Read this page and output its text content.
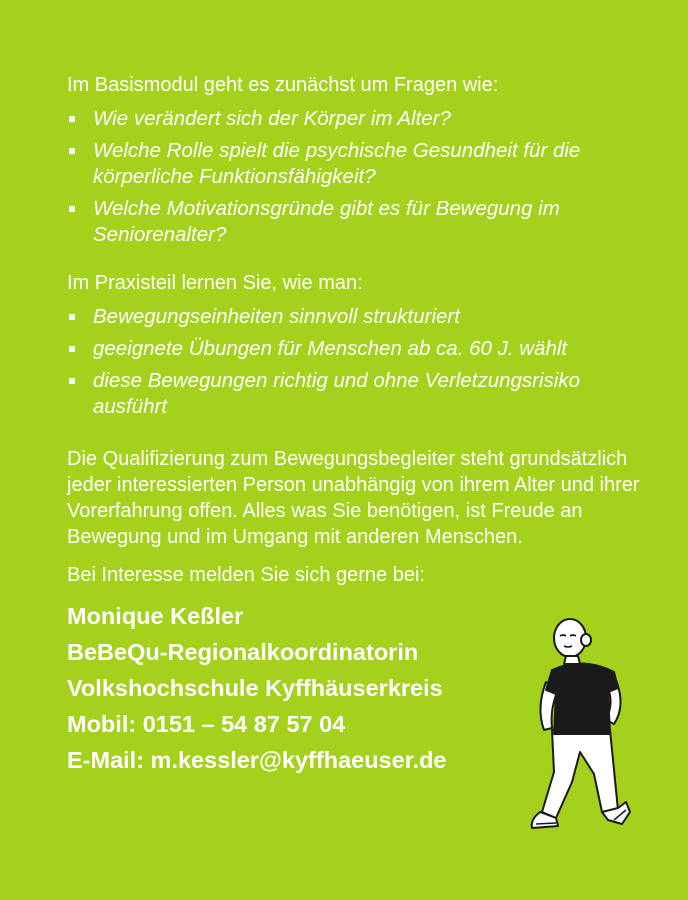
Im Basismodul geht es zunächst um Fragen wie:

Wie verändert sich der Körper im Alter?
Welche Rolle spielt die psychische Gesundheit für die körperliche Funktionsfähigkeit?
Welche Motivationsgründe gibt es für Bewegung im Seniorenalter?

Im Praxisteil lernen Sie, wie man:

Bewegungseinheiten sinnvoll strukturiert
geeignete Übungen für Menschen ab ca. 60 J. wählt
diese Bewegungen richtig und ohne Verletzungsrisiko ausführt

Die Qualifizierung zum Bewegungsbegleiter steht grundsätzlich jeder interessierten Person unabhängig von ihrem Alter und ihrer Vorerfahrung offen. Alles was Sie benötigen, ist Freude an Bewegung und im Umgang mit anderen Menschen.

Bei Interesse melden Sie sich gerne bei:

Monique Keßler
BeBeQu-Regionalkoordinatorin
Volkshochschule Kyffhäuserkreis
Mobil: 0151 – 54 87 57 04
E-Mail: m.kessler@kyffhaeuser.de
